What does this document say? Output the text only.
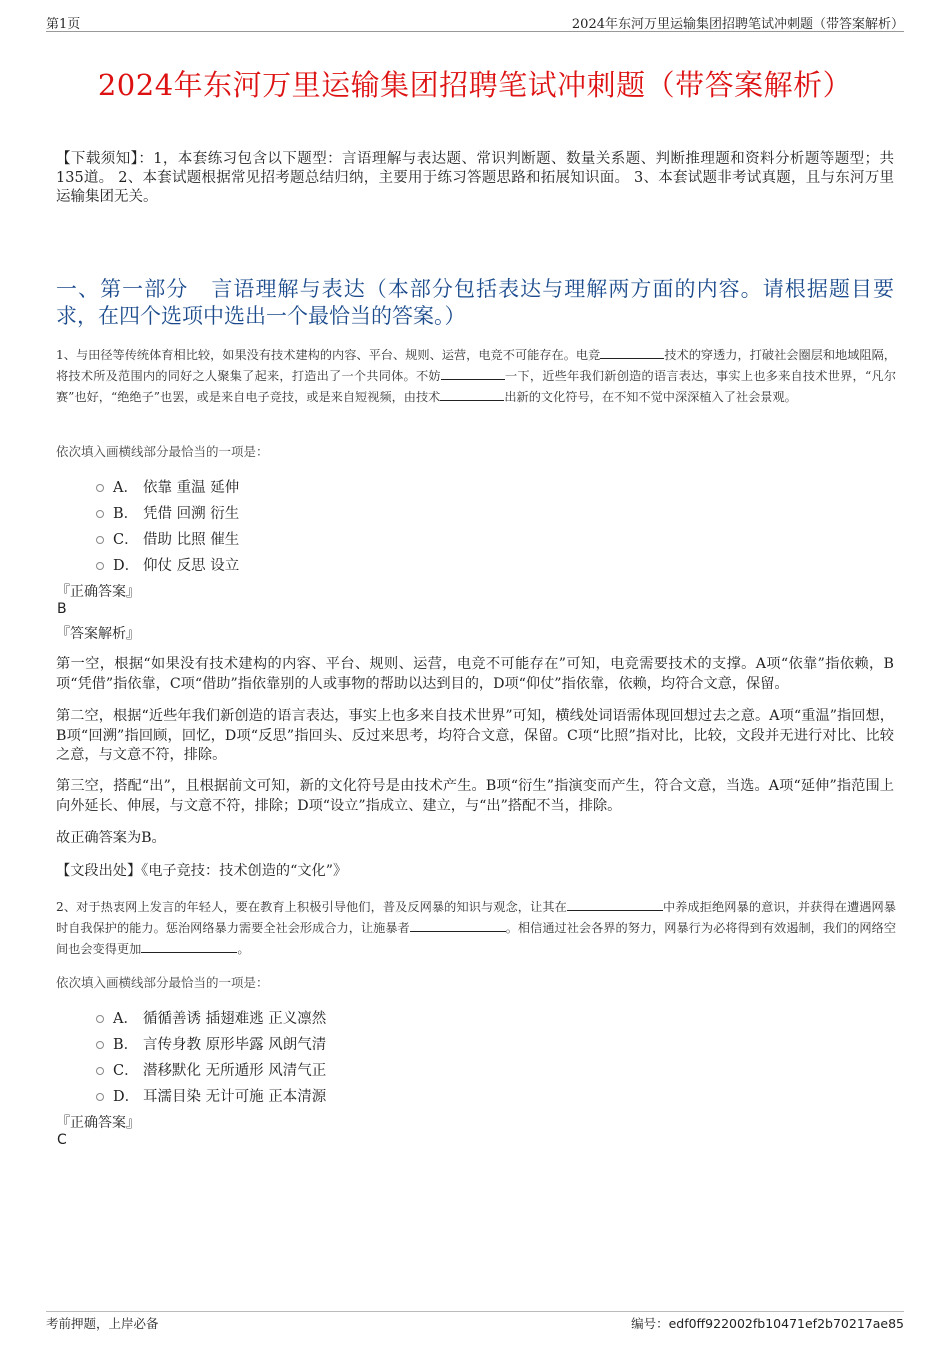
第1页	2024年东河万里运输集团招聘笔试冲刺题（带答案解析）
2024年东河万里运输集团招聘笔试冲刺题（带答案解析）
【下载须知】：1，本套练习包含以下题型：言语理解与表达题、常识判断题、数量关系题、判断推理题和资料分析题等题型；共135道。 2、本套试题根据常见招考题总结归纳，主要用于练习答题思路和拓展知识面。 3、本套试题非考试真题，且与东河万里运输集团无关。
一、第一部分 言语理解与表达（本部分包括表达与理解两方面的内容。请根据题目要求，在四个选项中选出一个最恰当的答案。）
1、与田径等传统体育相比较，如果没有技术建构的内容、平台、规则、运营，电竞不可能存在。电竞	技术的穿透力，打破社会圈层和地域阻隔，将技术所及范围内的同好之人聚集了起来，打造出了一个共同体。不妨	一下，近些年我们新创造的语言表达，事实上也多来自技术世界，“凡尔赛”也好，“绝绝子”也罢，或是来自电子竞技，或是来自短视频，由技术	出新的文化符号，在不知不觉中深深植入了社会景观。
依次填入画横线部分最恰当的一项是：
A． 依靠 重温 延伸
B． 凭借 回溯 衍生
C． 借助 比照 催生
D． 仰仗 反思 设立
『正确答案』
B
『答案解析』
第一空，根据“如果没有技术建构的内容、平台、规则、运营，电竞不可能存在”可知，电竞需要技术的支撑。A项“依靠”指依赖，B项“凭借”指依靠，C项“借助”指依靠别的人或事物的帮助以达到目的，D项“仰仗”指依靠，依赖，均符合文意，保留。
第二空，根据“近些年我们新创造的语言表达，事实上也多来自技术世界”可知，横线处词语需体现回想过去之意。A项“重温”指回想，B项“回溯”指回顾，回忆，D项“反思”指回头、反过来思考，均符合文意，保留。C项“比照”指对比，比较，文段并无进行对比、比较之意，与文意不符，排除。
第三空，搭配“出”，且根据前文可知，新的文化符号是由技术产生。B项“衍生”指演变而产生，符合文意，当选。A项“延伸”指范围上向外延长、伸展，与文意不符，排除；D项“设立”指成立、建立，与“出”搭配不当，排除。
故正确答案为B。
【文段出处】《电子竞技：技术创造的“文化”》
2、对于热衷网上发言的年轻人，要在教育上积极引导他们，普及反网暴的知识与观念，让其在	中养成拒绝网暴的意识，并获得在遭遇网暴时自我保护的能力。惩治网络暴力需要全社会形成合力，让施暴者	。相信通过社会各界的努力，网暴行为必将得到有效遏制，我们的网络空间也会变得更加	。
依次填入画横线部分最恰当的一项是：
A． 循循善诱 插翅难逃 正义凛然
B． 言传身教 原形毕露 风朗气清
C． 潜移默化 无所遁形 风清气正
D． 耳濡目染 无计可施 正本清源
『正确答案』
C
考前押题，上岸必备	编号：edf0ff922002fb10471ef2b70217ae85
